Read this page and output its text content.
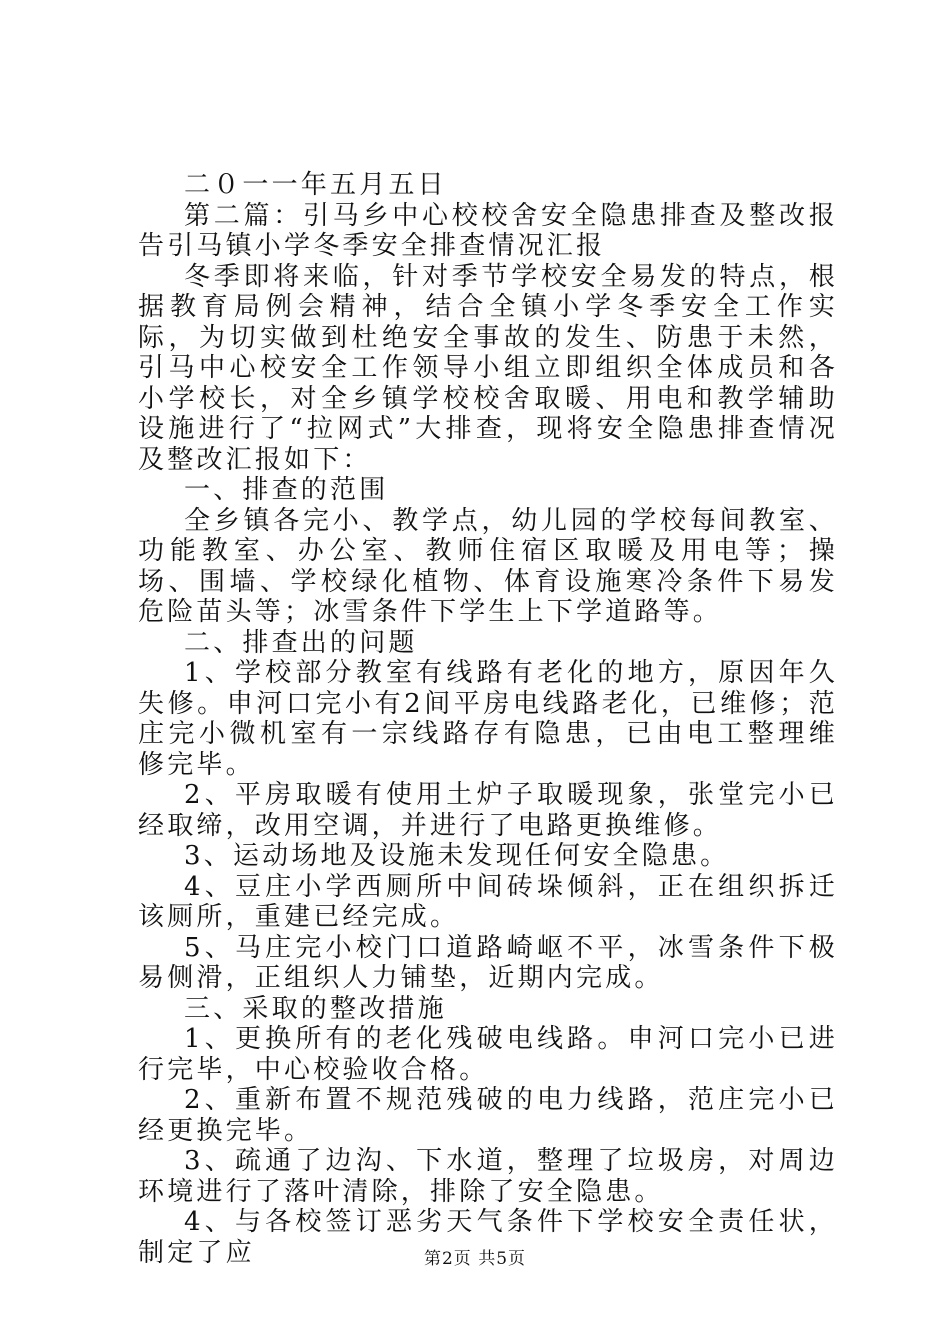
二０一一年五月五日

第二篇：引马乡中心校校舍安全隐患排查及整改报告引马镇小学冬季安全排查情况汇报

冬季即将来临，针对季节学校安全易发的特点，根据教育局例会精神，结合全镇小学冬季安全工作实际，为切实做到杜绝安全事故的发生、防患于未然，引马中心校安全工作领导小组立即组织全体成员和各小学校长，对全乡镇学校校舍取暖、用电和教学辅助设施进行了“拉网式”大排查，现将安全隐患排查情况及整改汇报如下：

一、排查的范围

全乡镇各完小、教学点，幼儿园的学校每间教室、功能教室、办公室、教师住宿区取暖及用电等；操场、围墙、学校绿化植物、体育设施寒冷条件下易发危险苗头等；冰雪条件下学生上下学道路等。

二、排查出的问题

1、学校部分教室有线路有老化的地方，原因年久失修。申河口完小有2间平房电线路老化，已维修；范庄完小微机室有一宗线路存有隐患，已由电工整理维修完毕。

2、平房取暖有使用土炉子取暖现象，张堂完小已经取缔，改用空调，并进行了电路更换维修。

3、运动场地及设施未发现任何安全隐患。

4、豆庄小学西厕所中间砖垛倾斜，正在组织拆迁该厕所，重建已经完成。

5、马庄完小校门口道路崎岖不平，冰雪条件下极易侧滑，正组织人力铺垫，近期内完成。

三、采取的整改措施

1、更换所有的老化残破电线路。申河口完小已进行完毕，中心校验收合格。

2、重新布置不规范残破的电力线路，范庄完小已经更换完毕。

3、疏通了边沟、下水道，整理了垃圾房，对周边环境进行了落叶清除，排除了安全隐患。

4、与各校签订恶劣天气条件下学校安全责任状，制定了应	第2页 共5页
